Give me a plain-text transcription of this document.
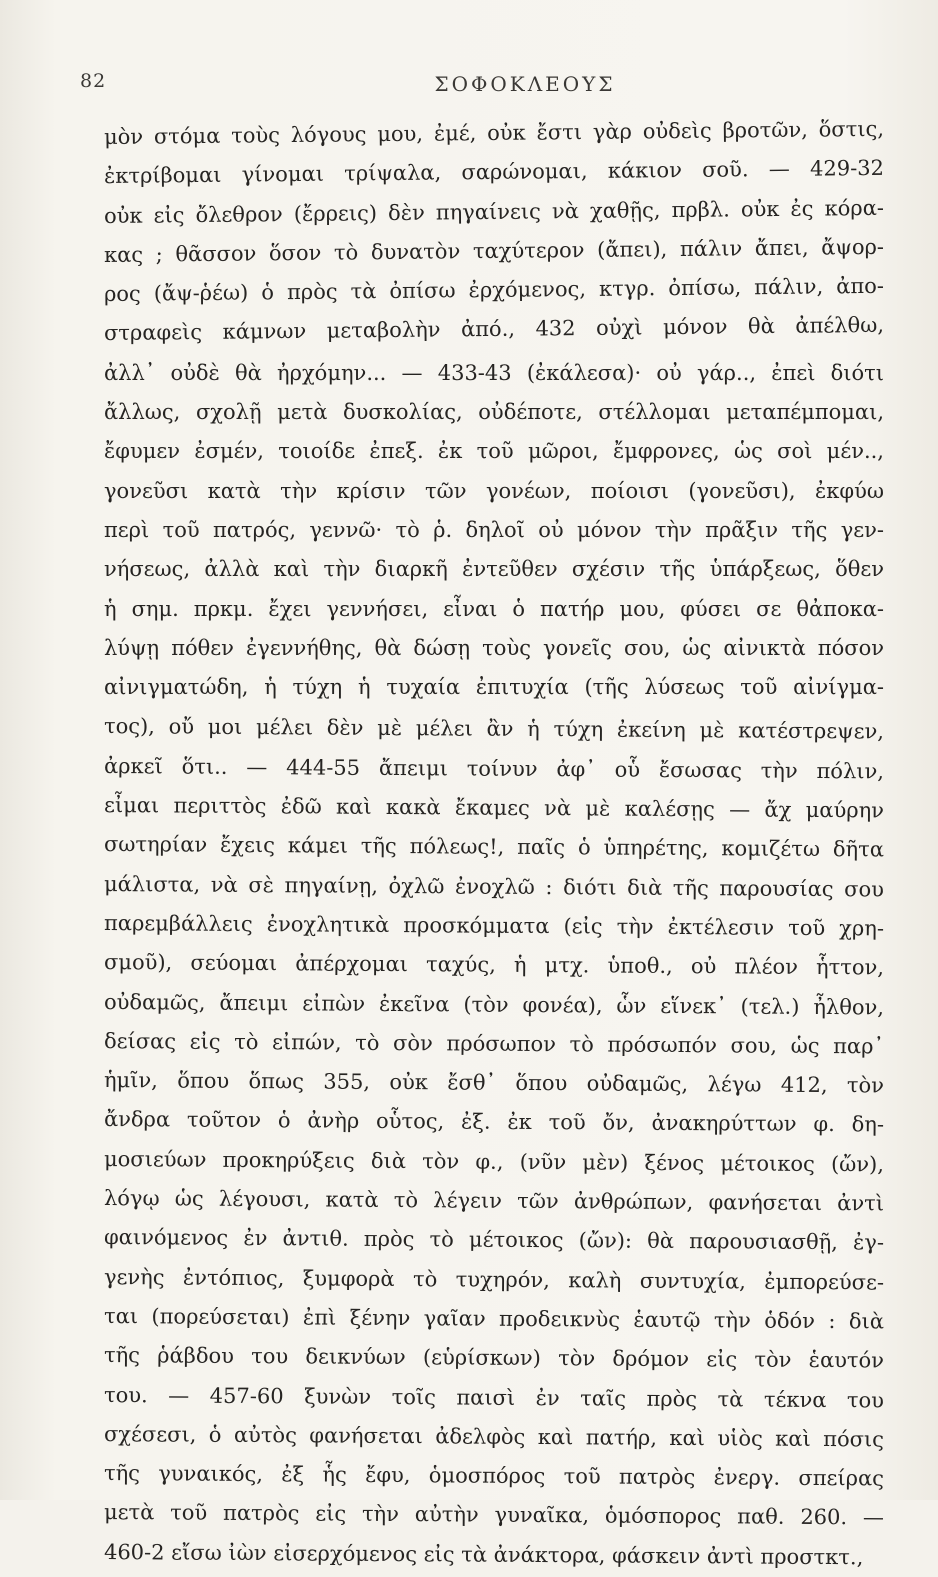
82	ΣΟΦΟΚΛΕΟΥΣ
μὸν στόμα τοὺς λόγους μου, ἐμέ, οὐκ ἔστι γὰρ οὐδεὶς βροτῶν, ὅστις,
ἐκτρίβομαι γίνομαι τρίψαλα, σαρώνομαι, κάκιον σοῦ. — 429-32
οὐκ εἰς ὄλεθρον (ἔρρεις) δὲν πηγαίνεις νὰ χαθῇς, πρβλ. οὐκ ἐς κόρα-
κας ; θᾶσσον ὅσον τὸ δυνατὸν ταχύτερον (ἄπει), πάλιν ἄπει, ἄψορ-
ρος (ἄψ-ῥέω) ὁ πρὸς τὰ ὀπίσω ἐρχόμενος, κτγρ. ὀπίσω, πάλιν, ἀπο-
στραφεὶς κάμνων μεταβολὴν ἀπό., 432 οὐχὶ μόνον θὰ ἀπέλθω,
ἀλλ᾽ οὐδὲ θὰ ἠρχόμην... — 433-43 (ἐκάλεσα)· οὐ γάρ.., ἐπεὶ διότι
ἄλλως, σχολῇ μετὰ δυσκολίας, οὐδέποτε, στέλλομαι μεταπέμπομαι,
ἔφυμεν ἐσμέν, τοιοίδε ἐπεξ. ἐκ τοῦ μῶροι, ἔμφρονες, ὡς σοὶ μέν..,
γονεῦσι κατὰ τὴν κρίσιν τῶν γονέων, ποίοισι (γονεῦσι), ἐκφύω
περὶ τοῦ πατρός, γεννῶ· τὸ ῥ. δηλοῖ οὐ μόνον τὴν πρᾶξιν τῆς γεν-
νήσεως, ἀλλὰ καὶ τὴν διαρκῆ ἐντεῦθεν σχέσιν τῆς ὑπάρξεως, ὅθεν
ἡ σημ. πρκμ. ἔχει γεννήσει, εἶναι ὁ πατήρ μου, φύσει σε θἀποκα-
λύψῃ πόθεν ἐγεννήθης, θὰ δώσῃ τοὺς γονεῖς σου, ὡς αἰνικτὰ πόσον
αἰνιγματώδη, ἡ τύχη ἡ τυχαία ἐπιτυχία (τῆς λύσεως τοῦ αἰνίγμα-
τος), οὔ μοι μέλει δὲν μὲ μέλει ἂν ἡ τύχη ἐκείνη μὲ κατέστρεψεν,
ἀρκεῖ ὅτι.. — 444-55 ἄπειμι τοίνυν ἀφ᾽ οὗ ἔσωσας τὴν πόλιν,
εἶμαι περιττὸς ἐδῶ καὶ κακὰ ἔκαμες νὰ μὲ καλέσῃς — ἄχ μαύρην
σωτηρίαν ἔχεις κάμει τῆς πόλεως!, παῖς ὁ ὑπηρέτης, κομιζέτω δῆτα
μάλιστα, νὰ σὲ πηγαίνῃ, ὀχλῶ ἐνοχλῶ : διότι διὰ τῆς παρουσίας σου
παρεμβάλλεις ἐνοχλητικὰ προσκόμματα (εἰς τὴν ἐκτέλεσιν τοῦ χρη-
σμοῦ), σεύομαι ἀπέρχομαι ταχύς, ἡ μτχ. ὑποθ., οὐ πλέον ἧττον,
οὐδαμῶς, ἄπειμι εἰπὼν ἐκεῖνα (τὸν φονέα), ὧν εἵνεκ᾽ (τελ.) ἦλθον,
δείσας εἰς τὸ εἰπών, τὸ σὸν πρόσωπον τὸ πρόσωπόν σου, ὡς παρ᾽
ἡμῖν, ὅπου ὅπως 355, οὐκ ἔσθ᾽ ὅπου οὐδαμῶς, λέγω 412, τὸν
ἄνδρα τοῦτον ὁ ἀνὴρ οὗτος, ἐξ. ἐκ τοῦ ὄν, ἀνακηρύττων φ. δη-
μοσιεύων προκηρύξεις διὰ τὸν φ., (νῦν μὲν) ξένος μέτοικος (ὤν),
λόγῳ ὡς λέγουσι, κατὰ τὸ λέγειν τῶν ἀνθρώπων, φανήσεται ἀντὶ
φαινόμενος ἐν ἀντιθ. πρὸς τὸ μέτοικος (ὤν): θὰ παρουσιασθῇ, ἐγ-
γενὴς ἐντόπιος, ξυμφορὰ τὸ τυχηρόν, καλὴ συντυχία, ἐμπορεύσε-
ται (πορεύσεται) ἐπὶ ξένην γαῖαν προδεικνὺς ἑαυτῷ τὴν ὁδόν : διὰ
τῆς ῥάβδου του δεικνύων (εὑρίσκων) τὸν δρόμον εἰς τὸν ἑαυτόν
του. — 457-60 ξυνὼν τοῖς παισὶ ἐν ταῖς πρὸς τὰ τέκνα του
σχέσεσι, ὁ αὐτὸς φανήσεται ἀδελφὸς καὶ πατήρ, καὶ υἱὸς καὶ πόσις
τῆς γυναικός, ἐξ ἧς ἔφυ, ὁμοσπόρος τοῦ πατρὸς ἐνεργ. σπείρας
μετὰ τοῦ πατρὸς εἰς τὴν αὐτὴν γυναῖκα, ὁμόσπορος παθ. 260. —
460-2 εἴσω ἰὼν εἰσερχόμενος εἰς τὰ ἀνάκτορα, φάσκειν ἀντὶ προστκτ.,
